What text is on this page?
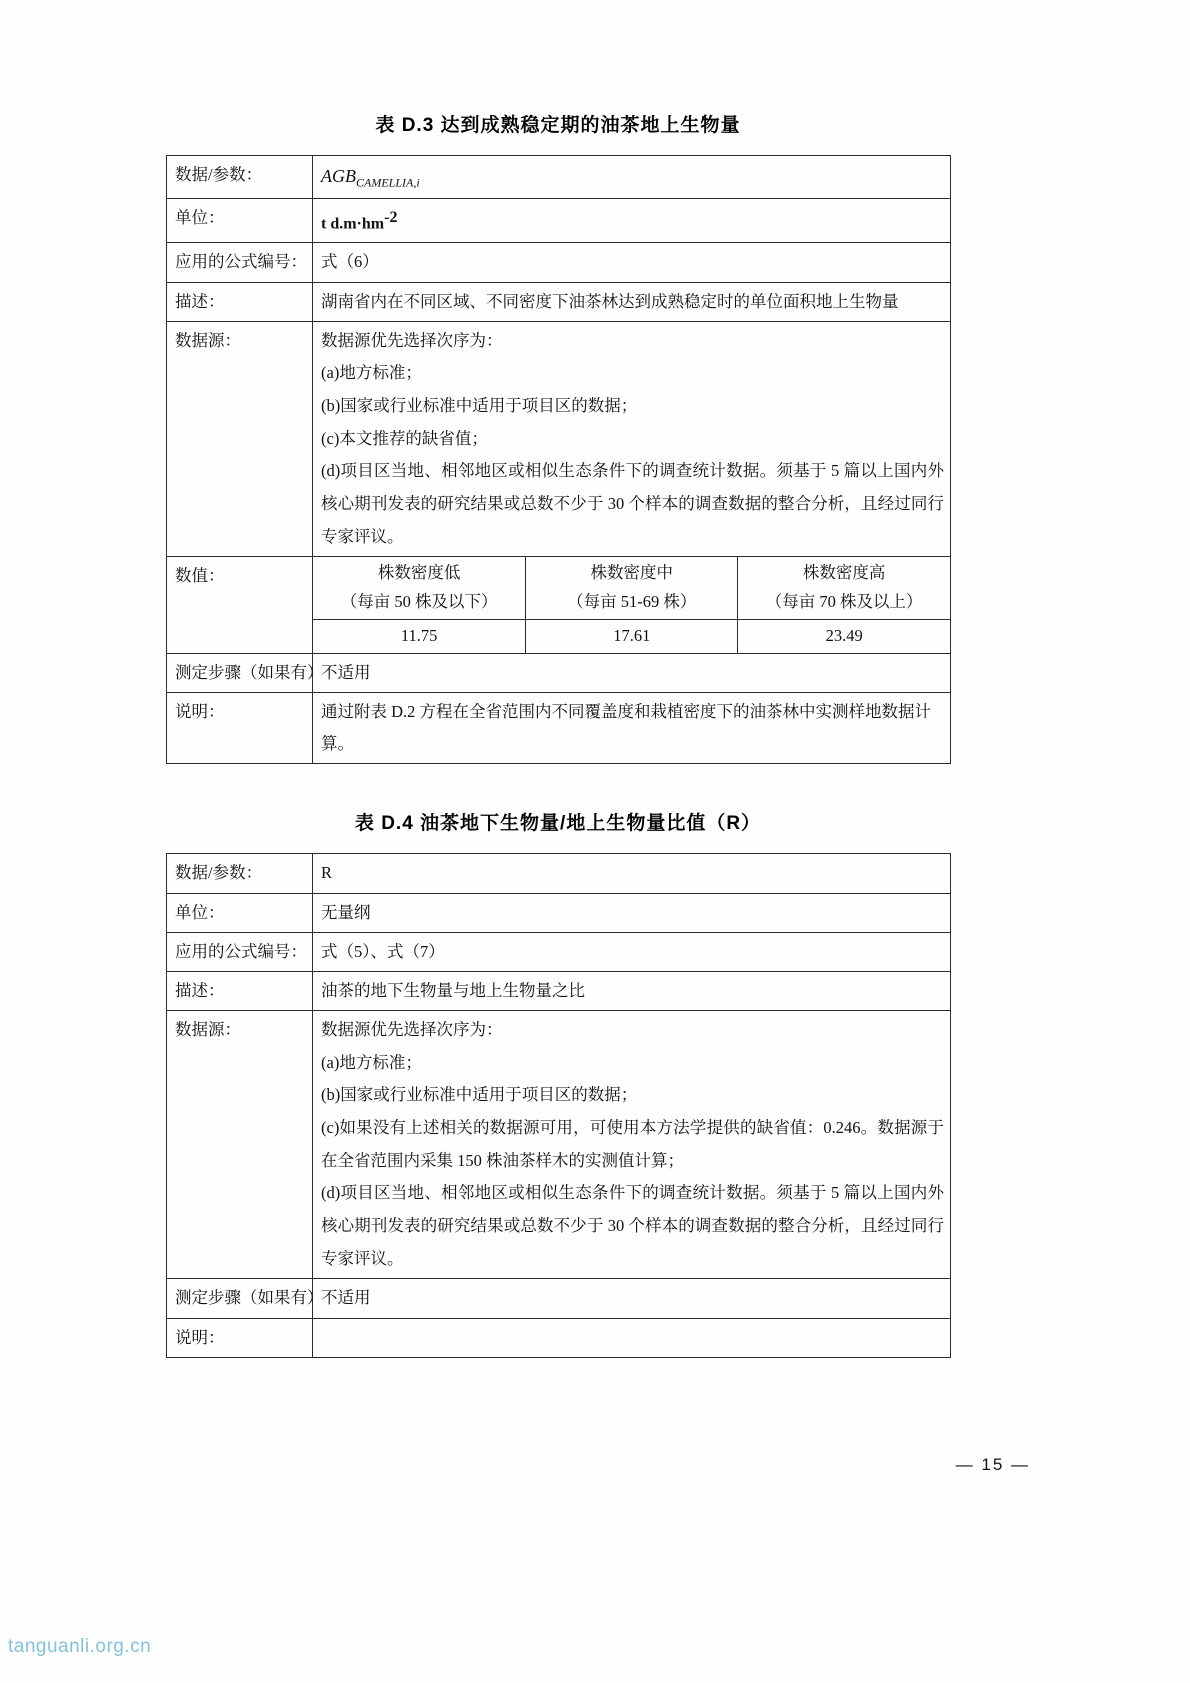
表 D.3 达到成熟稳定期的油茶地上生物量
数据/参数：	$AGB_{CAMELLIA,i}$
单位：	t d.m·hm-2
应用的公式编号：	式（6）
描述：	湖南省内在不同区域、不同密度下油茶林达到成熟稳定时的单位面积地上生物量
数据源：	数据源优先选择次序为：

(a)地方标准；

(b)国家或行业标准中适用于项目区的数据；

(c)本文推荐的缺省值；

(d)项目区当地、相邻地区或相似生态条件下的调查统计数据。须基于 5 篇以上国内外核心期刊发表的研究结果或总数不少于 30 个样本的调查数据的整合分析，且经过同行专家评议。

数值：		株数密度低
（每亩 50 株及以下）

株数密度中
（每亩 51-69 株）

株数密度高
（每亩 70 株及以上）

11.75	17.61	23.49

测定步骤（如果有）	不适用
说明：	通过附表 D.2 方程在全省范围内不同覆盖度和栽植密度下的油茶林中实测样地数据计算。
表 D.4 油茶地下生物量/地上生物量比值（R）
数据/参数：	R
单位：	无量纲
应用的公式编号：	式（5）、式（7）
描述：	油茶的地下生物量与地上生物量之比
数据源：	数据源优先选择次序为：

(a)地方标准；

(b)国家或行业标准中适用于项目区的数据；

(c)如果没有上述相关的数据源可用，可使用本方法学提供的缺省值：0.246。数据源于在全省范围内采集 150 株油茶样木的实测值计算；

(d)项目区当地、相邻地区或相似生态条件下的调查统计数据。须基于 5 篇以上国内外核心期刊发表的研究结果或总数不少于 30 个样本的调查数据的整合分析，且经过同行专家评议。

测定步骤（如果有）	不适用
说明：	
— 15 —
tanguanli.org.cn
